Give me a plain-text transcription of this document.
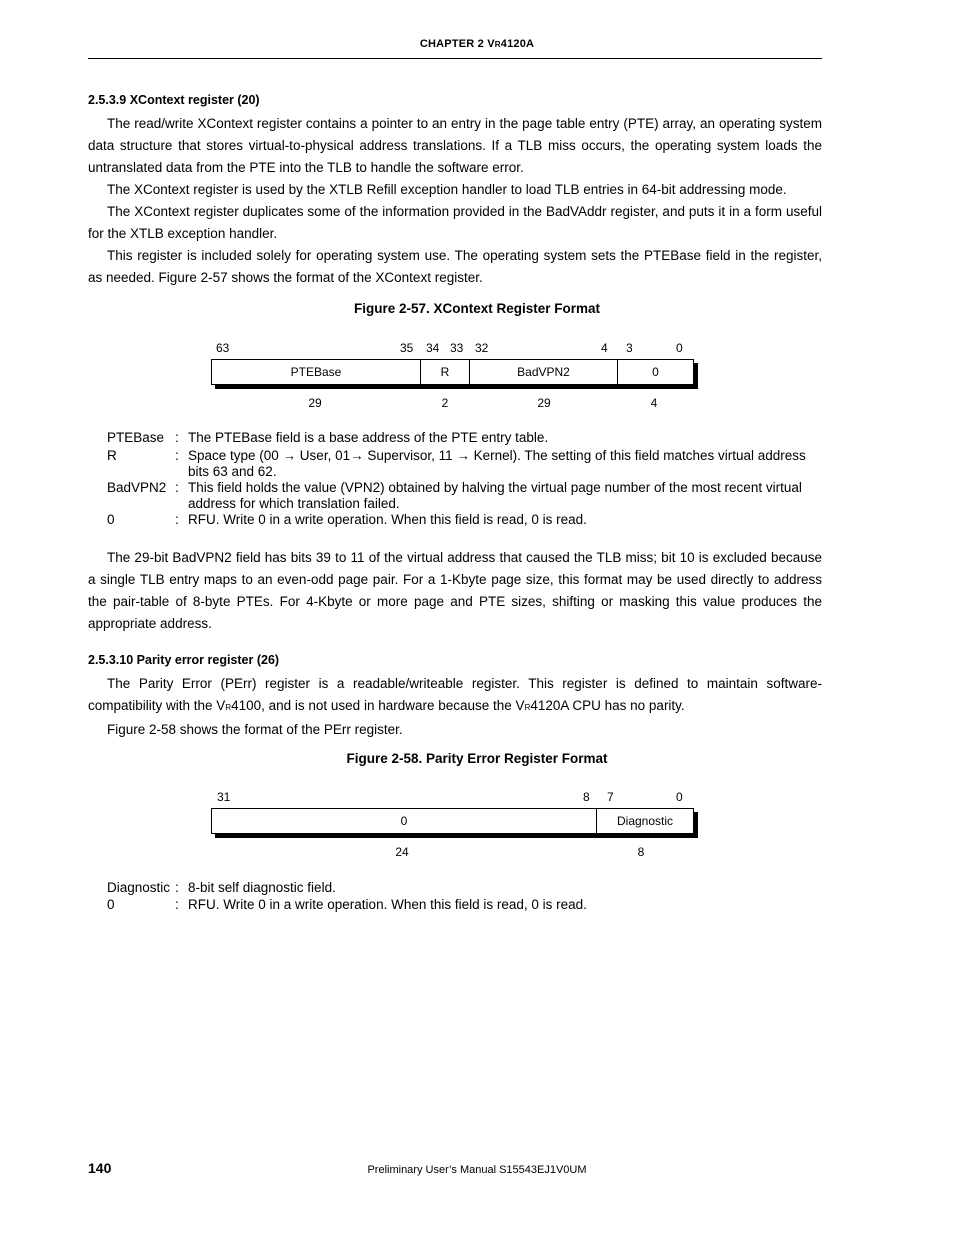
CHAPTER 2 VR4120A
2.5.3.9 XContext register (20)

The read/write XContext register contains a pointer to an entry in the page table entry (PTE) array, an operating system data structure that stores virtual-to-physical address translations. If a TLB miss occurs, the operating system loads the untranslated data from the PTE into the TLB to handle the software error.

The XContext register is used by the XTLB Refill exception handler to load TLB entries in 64-bit addressing mode.

The XContext register duplicates some of the information provided in the BadVAddr register, and puts it in a form useful for the XTLB exception handler.

This register is included solely for operating system use. The operating system sets the PTEBase field in the register, as needed. Figure 2-57 shows the format of the XContext register.

Figure 2-57. XContext Register Format
63	35 34 33 32	4 3	0
PTEBase	R	BadVPN2	0
29	2	29	4
PTEBase : The PTEBase field is a base address of the PTE entry table.
R	: Space type (00 → User, 01→ Supervisor, 11 → Kernel). The setting of this field matches virtual address bits 63 and 62.
BadVPN2 : This field holds the value (VPN2) obtained by halving the virtual page number of the most recent virtual address for which translation failed.
0	: RFU. Write 0 in a write operation. When this field is read, 0 is read.

The 29-bit BadVPN2 field has bits 39 to 11 of the virtual address that caused the TLB miss; bit 10 is excluded because a single TLB entry maps to an even-odd page pair. For a 1-Kbyte page size, this format may be used directly to address the pair-table of 8-byte PTEs. For 4-Kbyte or more page and PTE sizes, shifting or masking this value produces the appropriate address.

2.5.3.10 Parity error register (26)

The Parity Error (PErr) register is a readable/writeable register. This register is defined to maintain software-compatibility with the VR4100, and is not used in hardware because the VR4120A CPU has no parity.

Figure 2-58 shows the format of the PErr register.

Figure 2-58. Parity Error Register Format
31	8 7	0
0	Diagnostic
24	8
Diagnostic : 8-bit self diagnostic field.
0	: RFU. Write 0 in a write operation. When this field is read, 0 is read.
140	Preliminary User’s Manual S15543EJ1V0UM
